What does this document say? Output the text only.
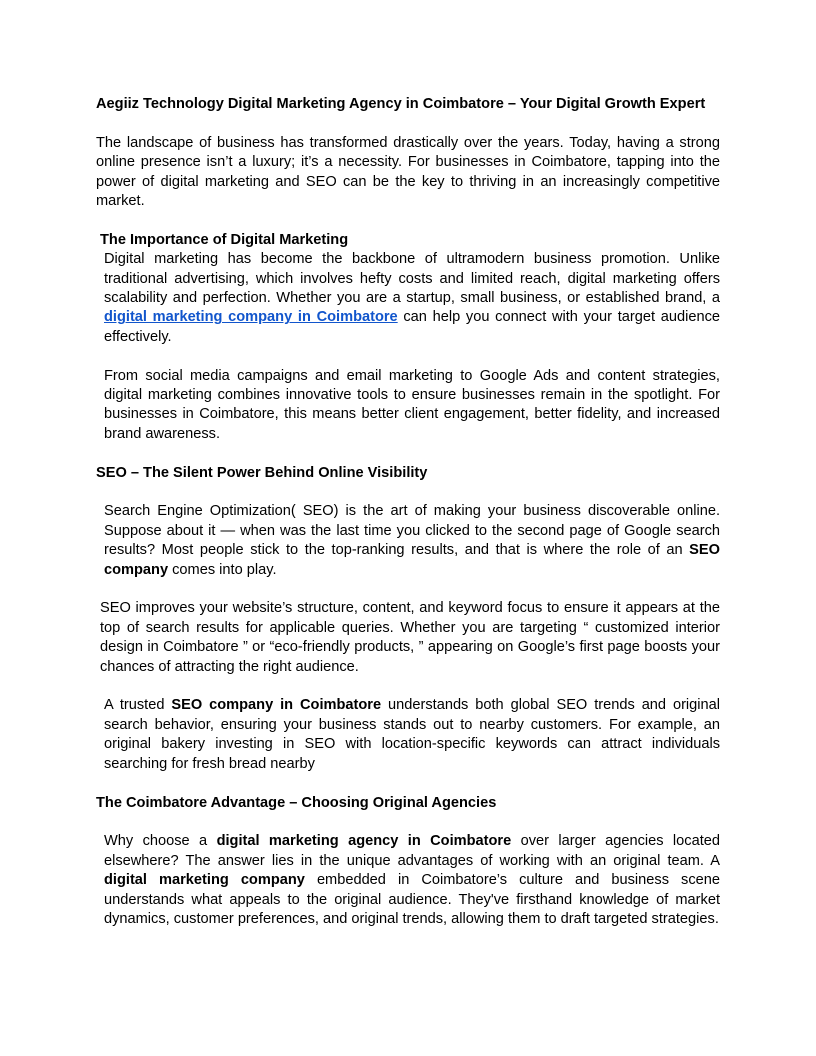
Aegiiz Technology Digital Marketing Agency in Coimbatore – Your Digital Growth Expert

The landscape of business has transformed drastically over the years. Today, having a strong online presence isn’t a luxury; it’s a necessity. For businesses in Coimbatore, tapping into the power of digital marketing and SEO can be the key to thriving in an increasingly competitive market.

The Importance of Digital Marketing

Digital marketing has become the backbone of ultramodern business promotion. Unlike traditional advertising, which involves hefty costs and limited reach, digital marketing offers scalability and perfection. Whether you are a startup, small business, or established brand, a digital marketing company in Coimbatore can help you connect with your target audience effectively.

From social media campaigns and email marketing to Google Ads and content strategies, digital marketing combines innovative tools to ensure businesses remain in the spotlight. For businesses in Coimbatore, this means better client engagement, better fidelity, and increased brand awareness.

SEO – The Silent Power Behind Online Visibility

Search Engine Optimization( SEO) is the art of making your business discoverable online. Suppose about it — when was the last time you clicked to the second page of Google search results? Most people stick to the top-ranking results, and that is where the role of an SEO company comes into play.

SEO improves your website’s structure, content, and keyword focus to ensure it appears at the top of search results for applicable queries. Whether you are targeting “ customized interior design in Coimbatore ” or “eco-friendly products, ” appearing on Google’s first page boosts your chances of attracting the right audience.

A trusted SEO company in Coimbatore understands both global SEO trends and original search behavior, ensuring your business stands out to nearby customers. For example, an original bakery investing in SEO with location-specific keywords can attract individuals searching for fresh bread nearby

The Coimbatore Advantage – Choosing Original Agencies

Why choose a digital marketing agency in Coimbatore over larger agencies located elsewhere? The answer lies in the unique advantages of working with an original team. A digital marketing company embedded in Coimbatore’s culture and business scene understands what appeals to the original audience. They've firsthand knowledge of market dynamics, customer preferences, and original trends, allowing them to draft targeted strategies.
